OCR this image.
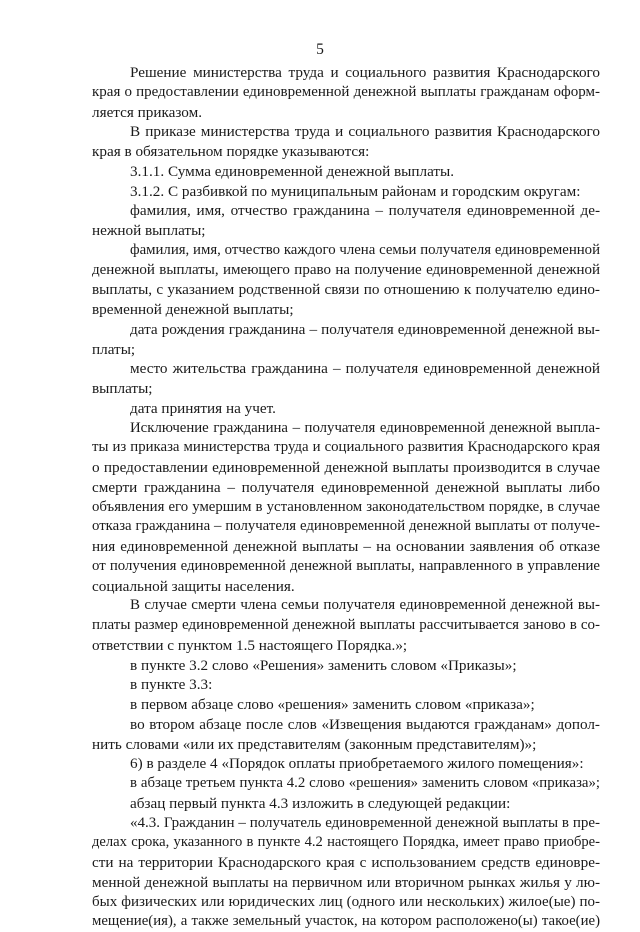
5
Решение министерства труда и социального развития Краснодарского
края о предоставлении единовременной денежной выплаты гражданам оформ-
ляется приказом.
В приказе министерства труда и социального развития Краснодарского
края в обязательном порядке указываются:
3.1.1. Сумма единовременной денежной выплаты.
3.1.2. С разбивкой по муниципальным районам и городским округам:
фамилия, имя, отчество гражданина – получателя единовременной де-
нежной выплаты;
фамилия, имя, отчество каждого члена семьи получателя единовременной
денежной выплаты, имеющего право на получение единовременной денежной
выплаты, с указанием родственной связи по отношению к получателю едино-
временной денежной выплаты;
дата рождения гражданина – получателя единовременной денежной вы-
платы;
место жительства гражданина – получателя единовременной денежной
выплаты;
дата принятия на учет.
Исключение гражданина – получателя единовременной денежной выпла-
ты из приказа министерства труда и социального развития Краснодарского края
о предоставлении единовременной денежной выплаты производится в случае
смерти гражданина – получателя единовременной денежной выплаты либо
объявления его умершим в установленном законодательством порядке, в случае
отказа гражданина – получателя единовременной денежной выплаты от получе-
ния единовременной денежной выплаты – на основании заявления об отказе
от получения единовременной денежной выплаты, направленного в управление
социальной защиты населения.
В случае смерти члена семьи получателя единовременной денежной вы-
платы размер единовременной денежной выплаты рассчитывается заново в со-
ответствии с пунктом 1.5 настоящего Порядка.»;
в пункте 3.2 слово «Решения» заменить словом «Приказы»;
в пункте 3.3:
в первом абзаце слово «решения» заменить словом «приказа»;
во втором абзаце после слов «Извещения выдаются гражданам» допол-
нить словами «или их представителям (законным представителям)»;
6) в разделе 4 «Порядок оплаты приобретаемого жилого помещения»:
в абзаце третьем пункта 4.2 слово «решения» заменить словом «приказа»;
абзац первый пункта 4.3 изложить в следующей редакции:
«4.3. Гражданин – получатель единовременной денежной выплаты в пре-
делах срока, указанного в пункте 4.2 настоящего Порядка, имеет право приобре-
сти на территории Краснодарского края с использованием средств единовре-
менной денежной выплаты на первичном или вторичном рынках жилья у лю-
бых физических или юридических лиц (одного или нескольких) жилое(ые) по-
мещение(ия), а также земельный участок, на котором расположено(ы) такое(ие)
